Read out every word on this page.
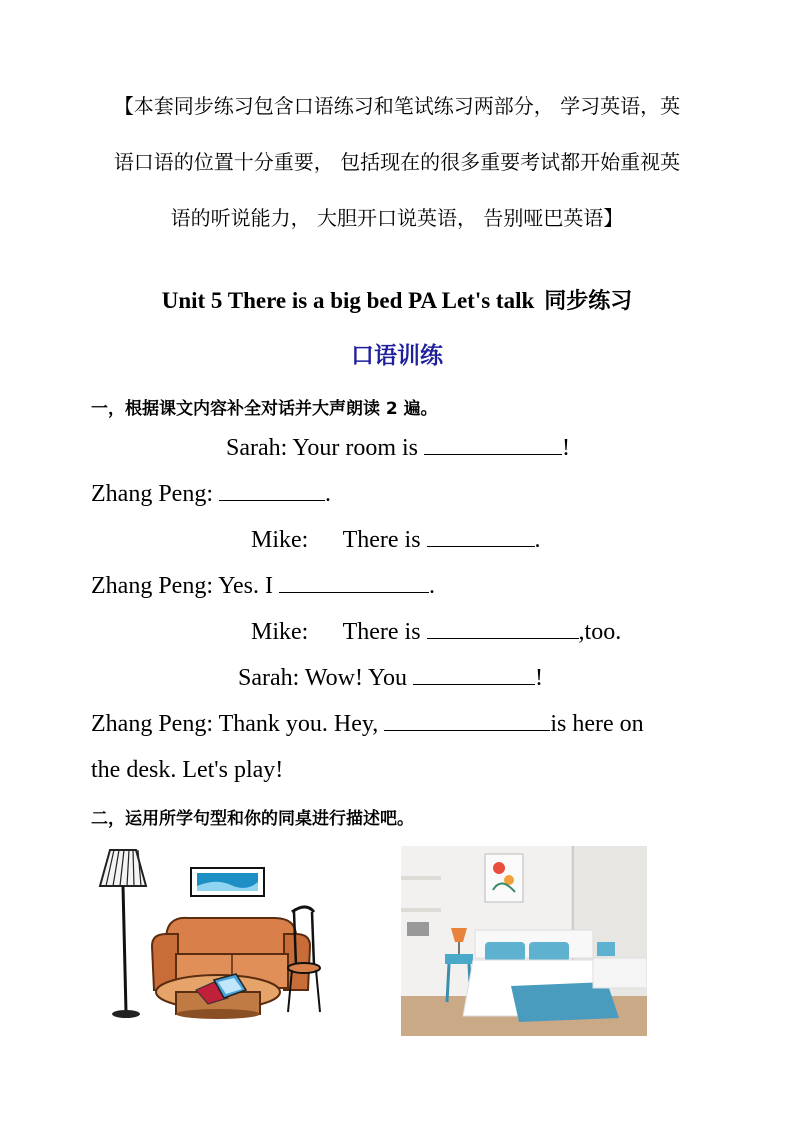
【本套同步练习包含口语练习和笔试练习两部分， 学习英语，英
语口语的位置十分重要， 包括现在的很多重要考试都开始重视英
语的听说能力， 大胆开口说英语， 告别哑巴英语】
Unit 5 There is a big bed PA Let's talk 同步练习
口语训练
一，根据课文内容补全对话并大声朗读 2 遍。
Sarah: Your room is	!
Zhang Peng:	.
Mike: There is	.
Zhang Peng: Yes. I	.
Mike: There is	,too.
Sarah: Wow! You	!
Zhang Peng: Thank you. Hey,	is here on
the desk. Let's play!
二，运用所学句型和你的同桌进行描述吧。
